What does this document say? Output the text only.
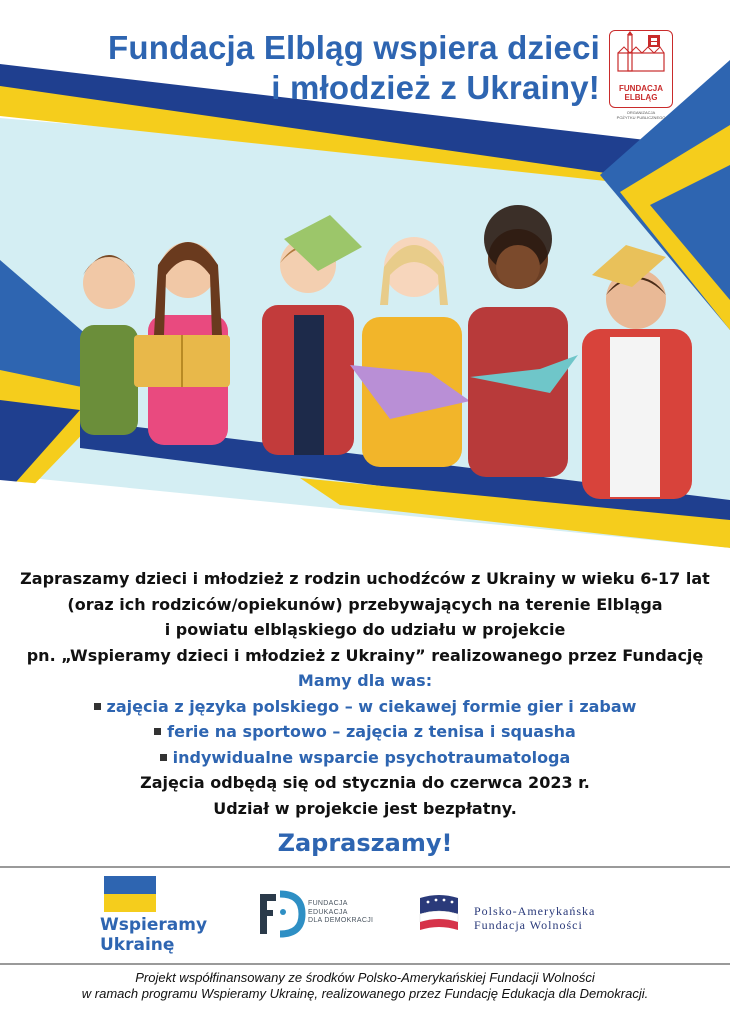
Fundacja Elbląg wspiera dzieci
i młodzież z Ukrainy!	FUNDACJA
ELBLĄG
ORGANIZACJA
POŻYTKU PUBLICZNEGO

Zapraszamy dzieci i młodzież z rodzin uchodźców z Ukrainy w wieku 6-17 lat

(oraz ich rodziców/opiekunów) przebywających na terenie Elbląga

i powiatu elbląskiego do udziału w projekcie

pn. „Wspieramy dzieci i młodzież z Ukrainy” realizowanego przez Fundację

Mamy dla was:

zajęcia z języka polskiego – w ciekawej formie gier i zabaw

ferie na sportowo – zajęcia z tenisa i squasha

indywidualne wsparcie psychotraumatologa

Zajęcia odbędą się od stycznia do czerwca 2023 r.

Udział w projekcie jest bezpłatny.

Zapraszamy!

Wspieramy
Ukrainę
FUNDACJA
EDUKACJA
DLA DEMOKRACJI
Polsko-Amerykańska
Fundacja Wolności
Projekt współfinansowany ze środków Polsko-Amerykańskiej Fundacji Wolności
w ramach programu Wspieramy Ukrainę, realizowanego przez Fundację Edukacja dla Demokracji.
